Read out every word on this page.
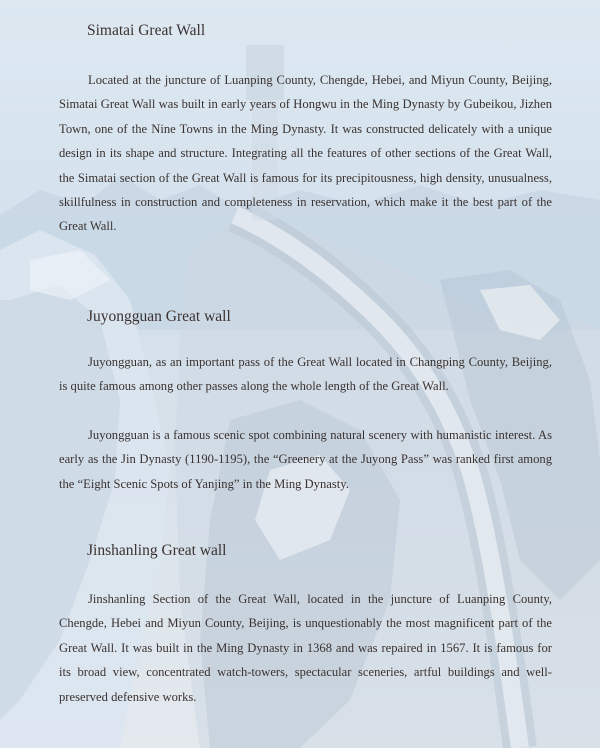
Simatai Great Wall

Located at the juncture of Luanping County, Chengde, Hebei, and Miyun County, Beijing, Simatai Great Wall was built in early years of Hongwu in the Ming Dynasty by Gubeikou, Jizhen Town, one of the Nine Towns in the Ming Dynasty. It was constructed delicately with a unique design in its shape and structure. Integrating all the features of other sections of the Great Wall, the Simatai section of the Great Wall is famous for its precipitousness, high density, unusualness, skillfulness in construction and completeness in reservation, which make it the best part of the Great Wall.

Juyongguan Great wall

Juyongguan, as an important pass of the Great Wall located in Changping County, Beijing, is quite famous among other passes along the whole length of the Great Wall.

Juyongguan is a famous scenic spot combining natural scenery with humanistic interest. As early as the Jin Dynasty (1190-1195), the “Greenery at the Juyong Pass” was ranked first among the “Eight Scenic Spots of Yanjing” in the Ming Dynasty.

Jinshanling Great wall

Jinshanling Section of the Great Wall, located in the juncture of Luanping County, Chengde, Hebei and Miyun County, Beijing, is unquestionably the most magnificent part of the Great Wall. It was built in the Ming Dynasty in 1368 and was repaired in 1567. It is famous for its broad view, concentrated watch-towers, spectacular sceneries, artful buildings and well-preserved defensive works.
